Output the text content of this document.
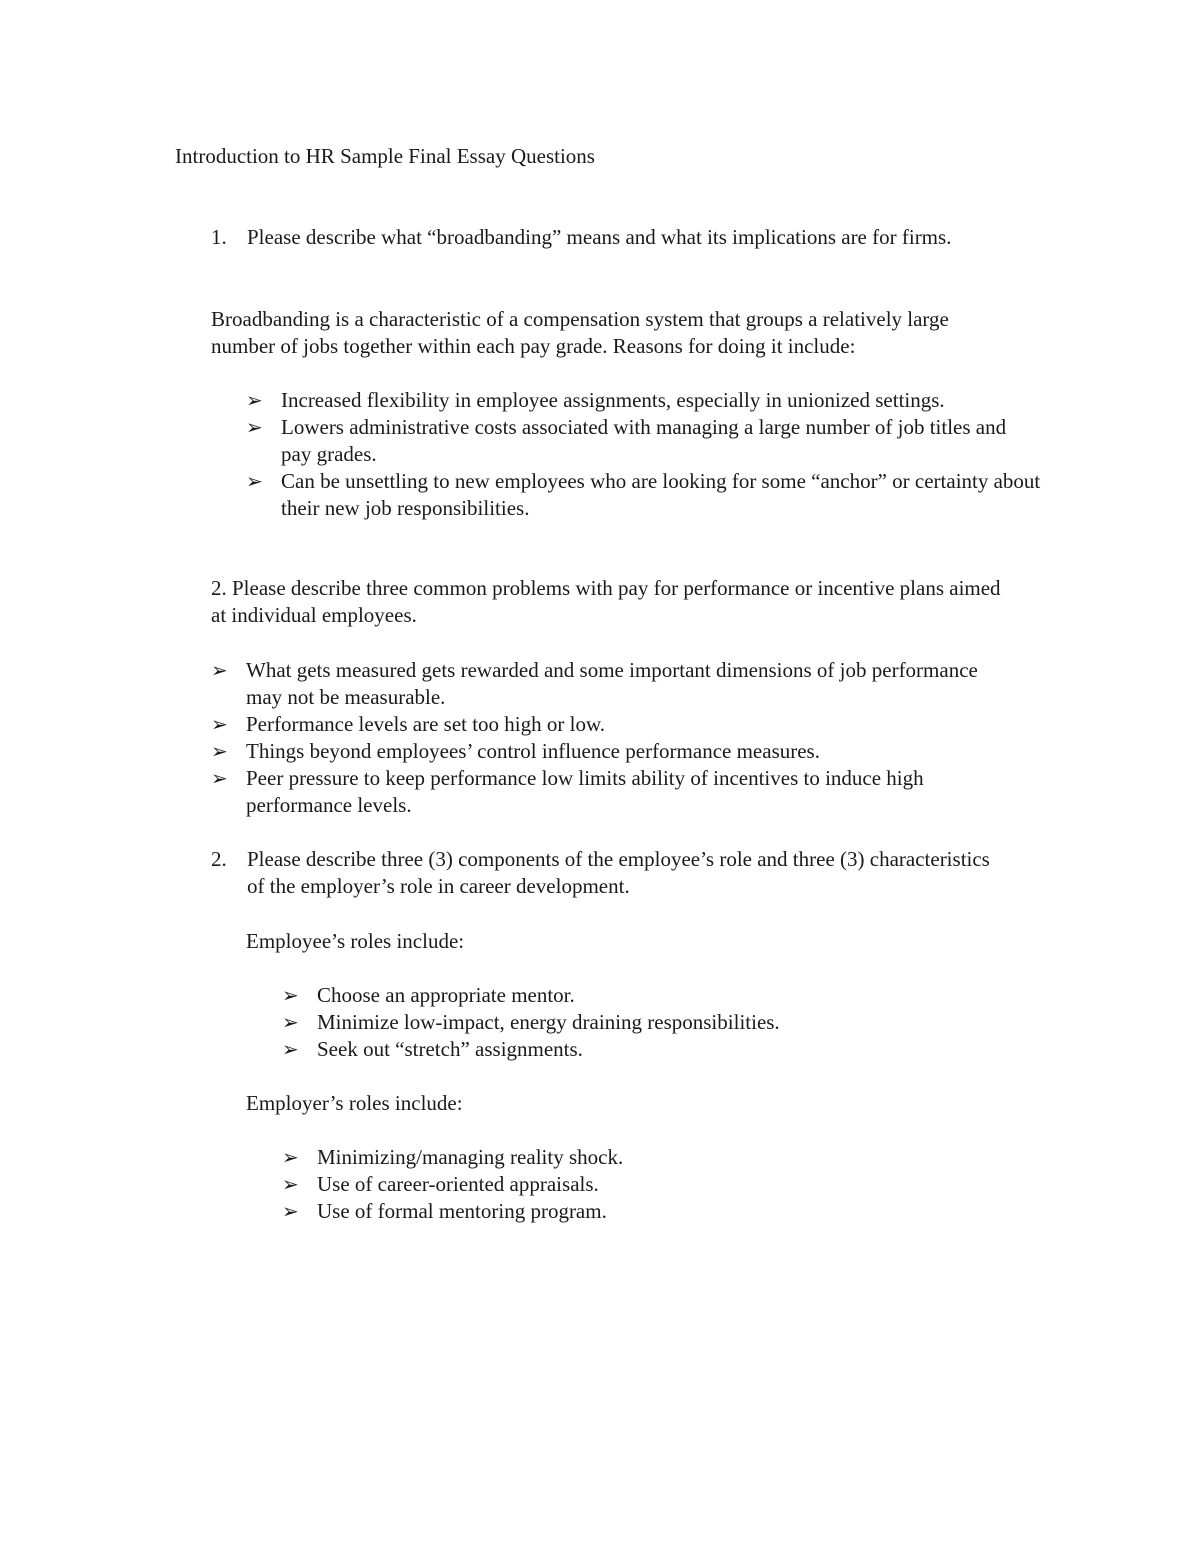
Introduction to HR Sample Final Essay Questions
1. Please describe what “broadbanding” means and what its implications are for firms.
Broadbanding is a characteristic of a compensation system that groups a relatively large number of jobs together within each pay grade. Reasons for doing it include:
➢ Increased flexibility in employee assignments, especially in unionized settings.
➢ Lowers administrative costs associated with managing a large number of job titles and pay grades.
➢ Can be unsettling to new employees who are looking for some “anchor” or certainty about their new job responsibilities.
2. Please describe three common problems with pay for performance or incentive plans aimed at individual employees.
➢ What gets measured gets rewarded and some important dimensions of job performance may not be measurable.
➢ Performance levels are set too high or low.
➢ Things beyond employees’ control influence performance measures.
➢ Peer pressure to keep performance low limits ability of incentives to induce high performance levels.
2. Please describe three (3) components of the employee’s role and three (3) characteristics of the employer’s role in career development.
Employee’s roles include:
➢ Choose an appropriate mentor.
➢ Minimize low-impact, energy draining responsibilities.
➢ Seek out “stretch” assignments.
Employer’s roles include:
➢ Minimizing/managing reality shock.
➢ Use of career-oriented appraisals.
➢ Use of formal mentoring program.
